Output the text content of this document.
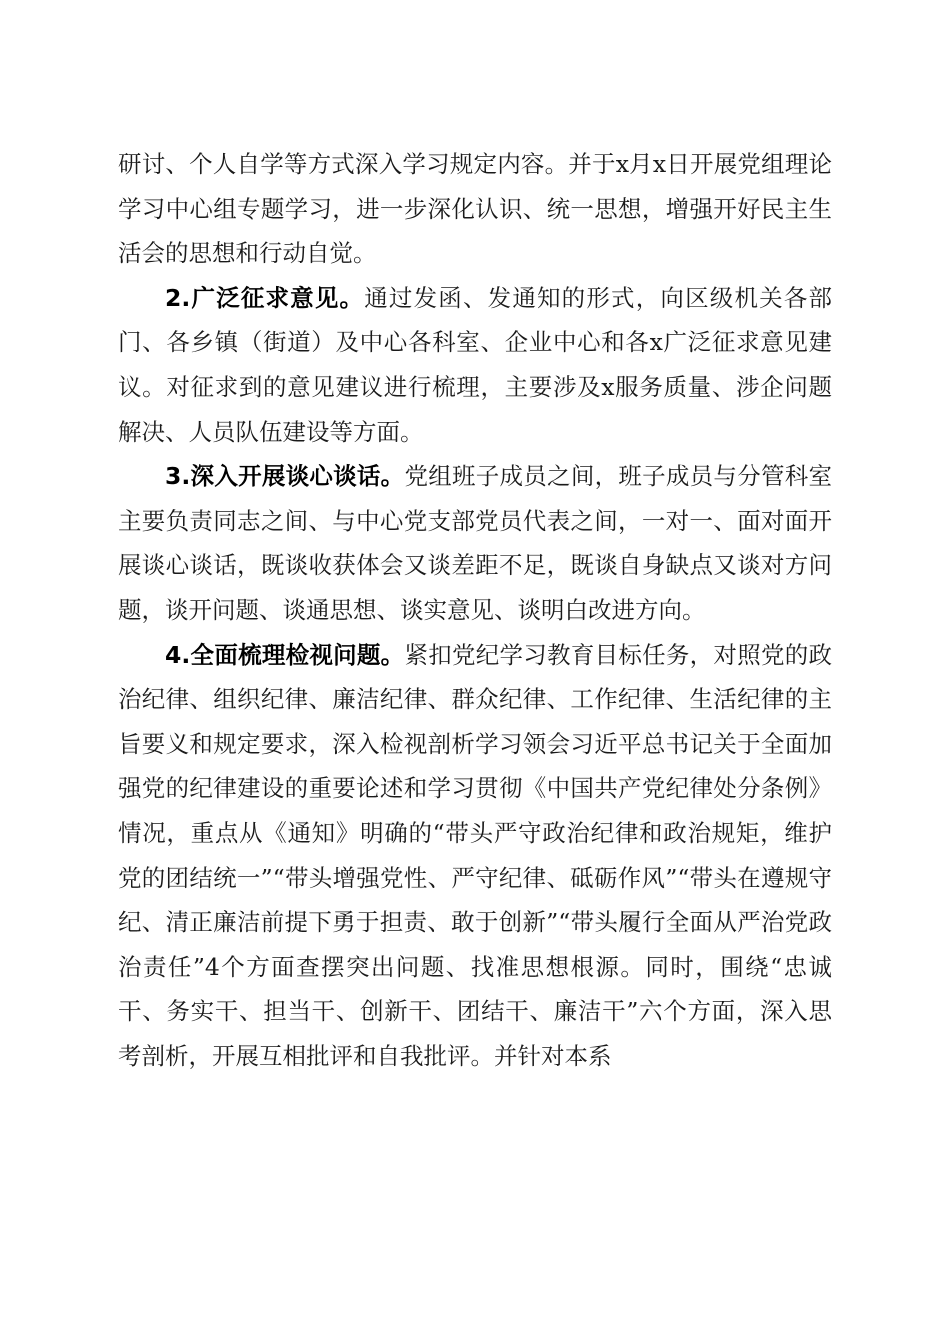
研讨、个人自学等方式深入学习规定内容。并于x月x日开展党组理论学习中心组专题学习，进一步深化认识、统一思想，增强开好民主生活会的思想和行动自觉。

2.广泛征求意见。通过发函、发通知的形式，向区级机关各部门、各乡镇（街道）及中心各科室、企业中心和各x广泛征求意见建议。对征求到的意见建议进行梳理，主要涉及x服务质量、涉企问题解决、人员队伍建设等方面。

3.深入开展谈心谈话。党组班子成员之间，班子成员与分管科室主要负责同志之间、与中心党支部党员代表之间，一对一、面对面开展谈心谈话，既谈收获体会又谈差距不足，既谈自身缺点又谈对方问题，谈开问题、谈通思想、谈实意见、谈明白改进方向。

4.全面梳理检视问题。紧扣党纪学习教育目标任务，对照党的政治纪律、组织纪律、廉洁纪律、群众纪律、工作纪律、生活纪律的主旨要义和规定要求，深入检视剖析学习领会习近平总书记关于全面加强党的纪律建设的重要论述和学习贯彻《中国共产党纪律处分条例》情况，重点从《通知》明确的“带头严守政治纪律和政治规矩，维护党的团结统一”“带头增强党性、严守纪律、砥砺作风”“带头在遵规守纪、清正廉洁前提下勇于担责、敢于创新”“带头履行全面从严治党政治责任”4个方面查摆突出问题、找准思想根源。同时，围绕“忠诚干、务实干、担当干、创新干、团结干、廉洁干”六个方面，深入思考剖析，开展互相批评和自我批评。并针对本系
